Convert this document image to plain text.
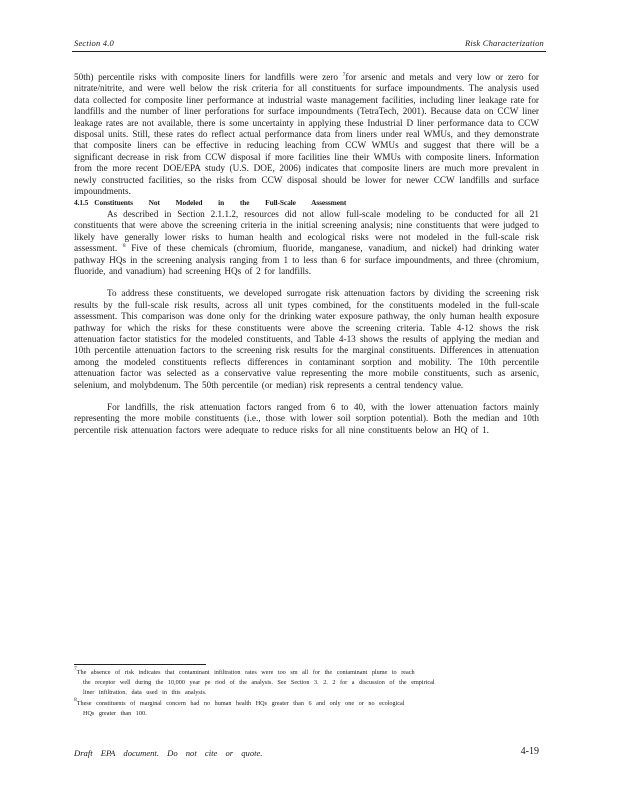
Section 4.0	Risk Characterization

50th) percentile risks with composite liners for landfills were zero $^7$for arsenic and metals and very low or zero for nitrate/nitrite, and were well below the risk criteria for all constituents for surface impoundments. The analysis used data collected for composite liner performance at industrial waste management facilities, including liner leakage rate for landfills and the number of liner perforations for surface impoundments (TetraTech, 2001). Because data on CCW liner leakage rates are not available, there is some uncertainty in applying these Industrial D liner performance data to CCW disposal units. Still, these rates do reflect actual performance data from liners under real WMUs, and they demonstrate that composite liners can be effective in reducing leaching from CCW WMUs and suggest that there will be a significant decrease in risk from CCW disposal if more facilities line their WMUs with composite liners. Information from the more recent DOE/EPA study (U.S. DOE, 2006) indicates that composite liners are much more prevalent in newly constructed facilities, so the risks from CCW disposal should be lower for newer CCW landfills and surface impoundments.

4.1.5 Constituents Not Modeled in the Full-Scale Assessment

As described in Section 2.1.1.2, resources did not allow full-scale modeling to be conducted for all 21 constituents that were above the screening criteria in the initial screening analysis; nine constituents that were judged to likely have generally lower risks to human health and ecological risks were not modeled in the full-scale risk assessment. $^8$ Five of these chemicals (chromium, fluoride, manganese, vanadium, and nickel) had drinking water pathway HQs in the screening analysis ranging from 1 to less than 6 for surface impoundments, and three (chromium, fluoride, and vanadium) had screening HQs of 2 for landfills.

To address these constituents, we developed surrogate risk attenuation factors by dividing the screening risk results by the full-scale risk results, across all unit types combined, for the constituents modeled in the full-scale assessment. This comparison was done only for the drinking water exposure pathway, the only human health exposure pathway for which the risks for these constituents were above the screening criteria. Table 4-12 shows the risk attenuation factor statistics for the modeled constituents, and Table 4-13 shows the results of applying the median and 10th percentile attenuation factors to the screening risk results for the marginal constituents. Differences in attenuation among the modeled constituents reflects differences in contaminant sorption and mobility. The 10th percentile attenuation factor was selected as a conservative value representing the more mobile constituents, such as arsenic, selenium, and molybdenum. The 50th percentile (or median) risk represents a central tendency value.

For landfills, the risk attenuation factors ranged from 6 to 40, with the lower attenuation factors mainly representing the more mobile constituents (i.e., those with lower soil sorption potential). Both the median and 10th percentile risk attenuation factors were adequate to reduce risks for all nine constituents below an HQ of 1.

$^7$The absence of risk indicates that contaminant infiltration rates were too sm all for the contaminant plume to reach

the receptor well during the 10,000 year pe riod of the analysis. See Section 3. 2. 2 for a discussion of the empirical

liner infiltration. data used in this analysis.

$^8$These constituents of marginal concern had no human health HQs greater than 6 and only one or no ecological

HQs greater than 100.

Draft EPA document. Do not cite or quote.	4-19
